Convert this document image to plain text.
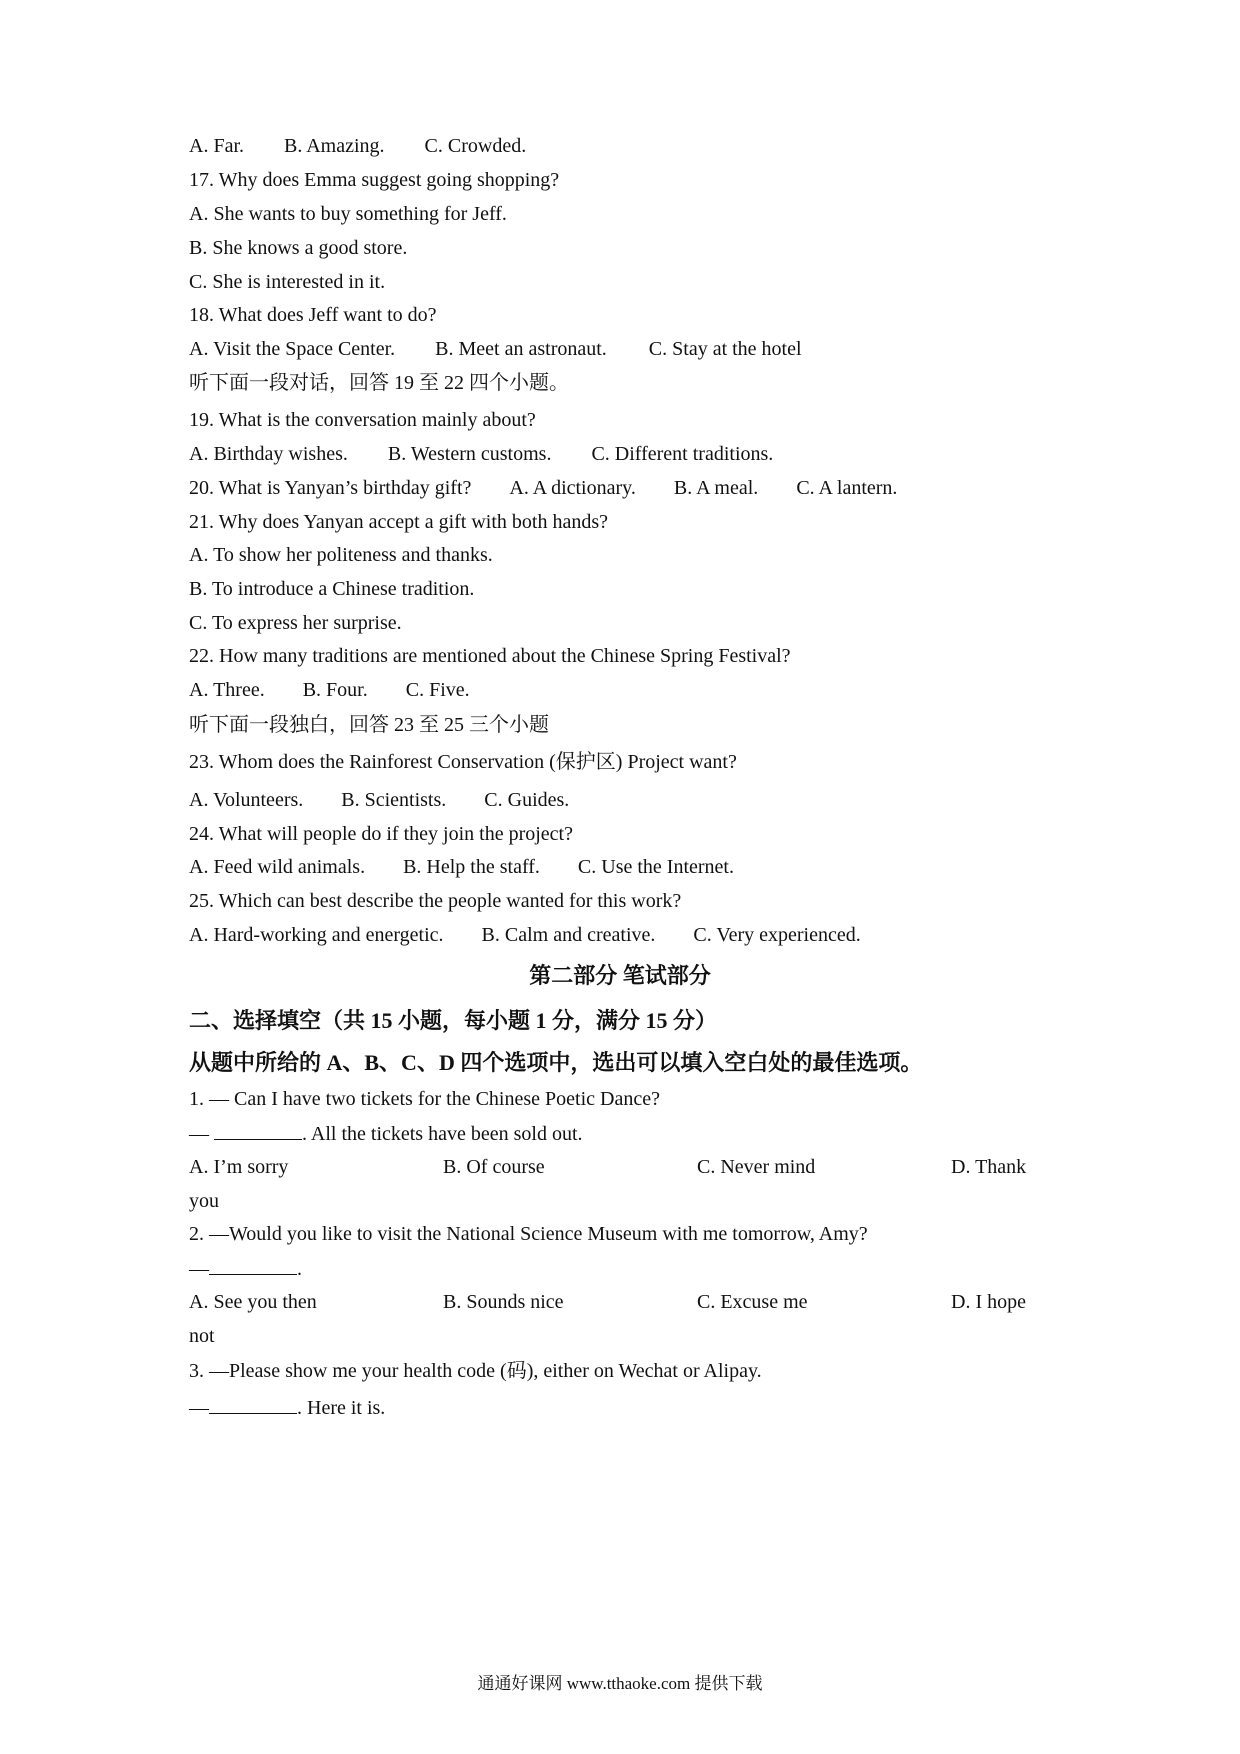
A. Far. B. Amazing. C. Crowded.
17. Why does Emma suggest going shopping?
A. She wants to buy something for Jeff.
B. She knows a good store.
C. She is interested in it.
18. What does Jeff want to do?
A. Visit the Space Center. B. Meet an astronaut. C. Stay at the hotel
听下面一段对话，回答 19 至 22 四个小题。
19. What is the conversation mainly about?
A. Birthday wishes. B. Western customs. C. Different traditions.
20. What is Yanyan’s birthday gift? A. A dictionary. B. A meal. C. A lantern.
21. Why does Yanyan accept a gift with both hands?
A. To show her politeness and thanks.
B. To introduce a Chinese tradition.
C. To express her surprise.
22. How many traditions are mentioned about the Chinese Spring Festival?
A. Three. B. Four. C. Five.
听下面一段独白，回答 23 至 25 三个小题
23. Whom does the Rainforest Conservation (保护区) Project want?
A. Volunteers. B. Scientists. C. Guides.
24. What will people do if they join the project?
A. Feed wild animals. B. Help the staff. C. Use the Internet.
25. Which can best describe the people wanted for this work?
A. Hard-working and energetic. B. Calm and creative. C. Very experienced.
第二部分 笔试部分
二、选择填空（共 15 小题，每小题 1 分，满分 15 分）
从题中所给的 A、B、C、D 四个选项中，选出可以填入空白处的最佳选项。
1. — Can I have two tickets for the Chinese Poetic Dance?
—	. All the tickets have been sold out.
A. I’m sorry	B. Of course	C. Never mind	D. Thank
you
2. —Would you like to visit the National Science Museum with me tomorrow, Amy?
—	.
A. See you then	B. Sounds nice	C. Excuse me	D. I hope
not
3. —Please show me your health code (码), either on Wechat or Alipay.
—	. Here it is.
通通好课网 www.tthaoke.com 提供下载
